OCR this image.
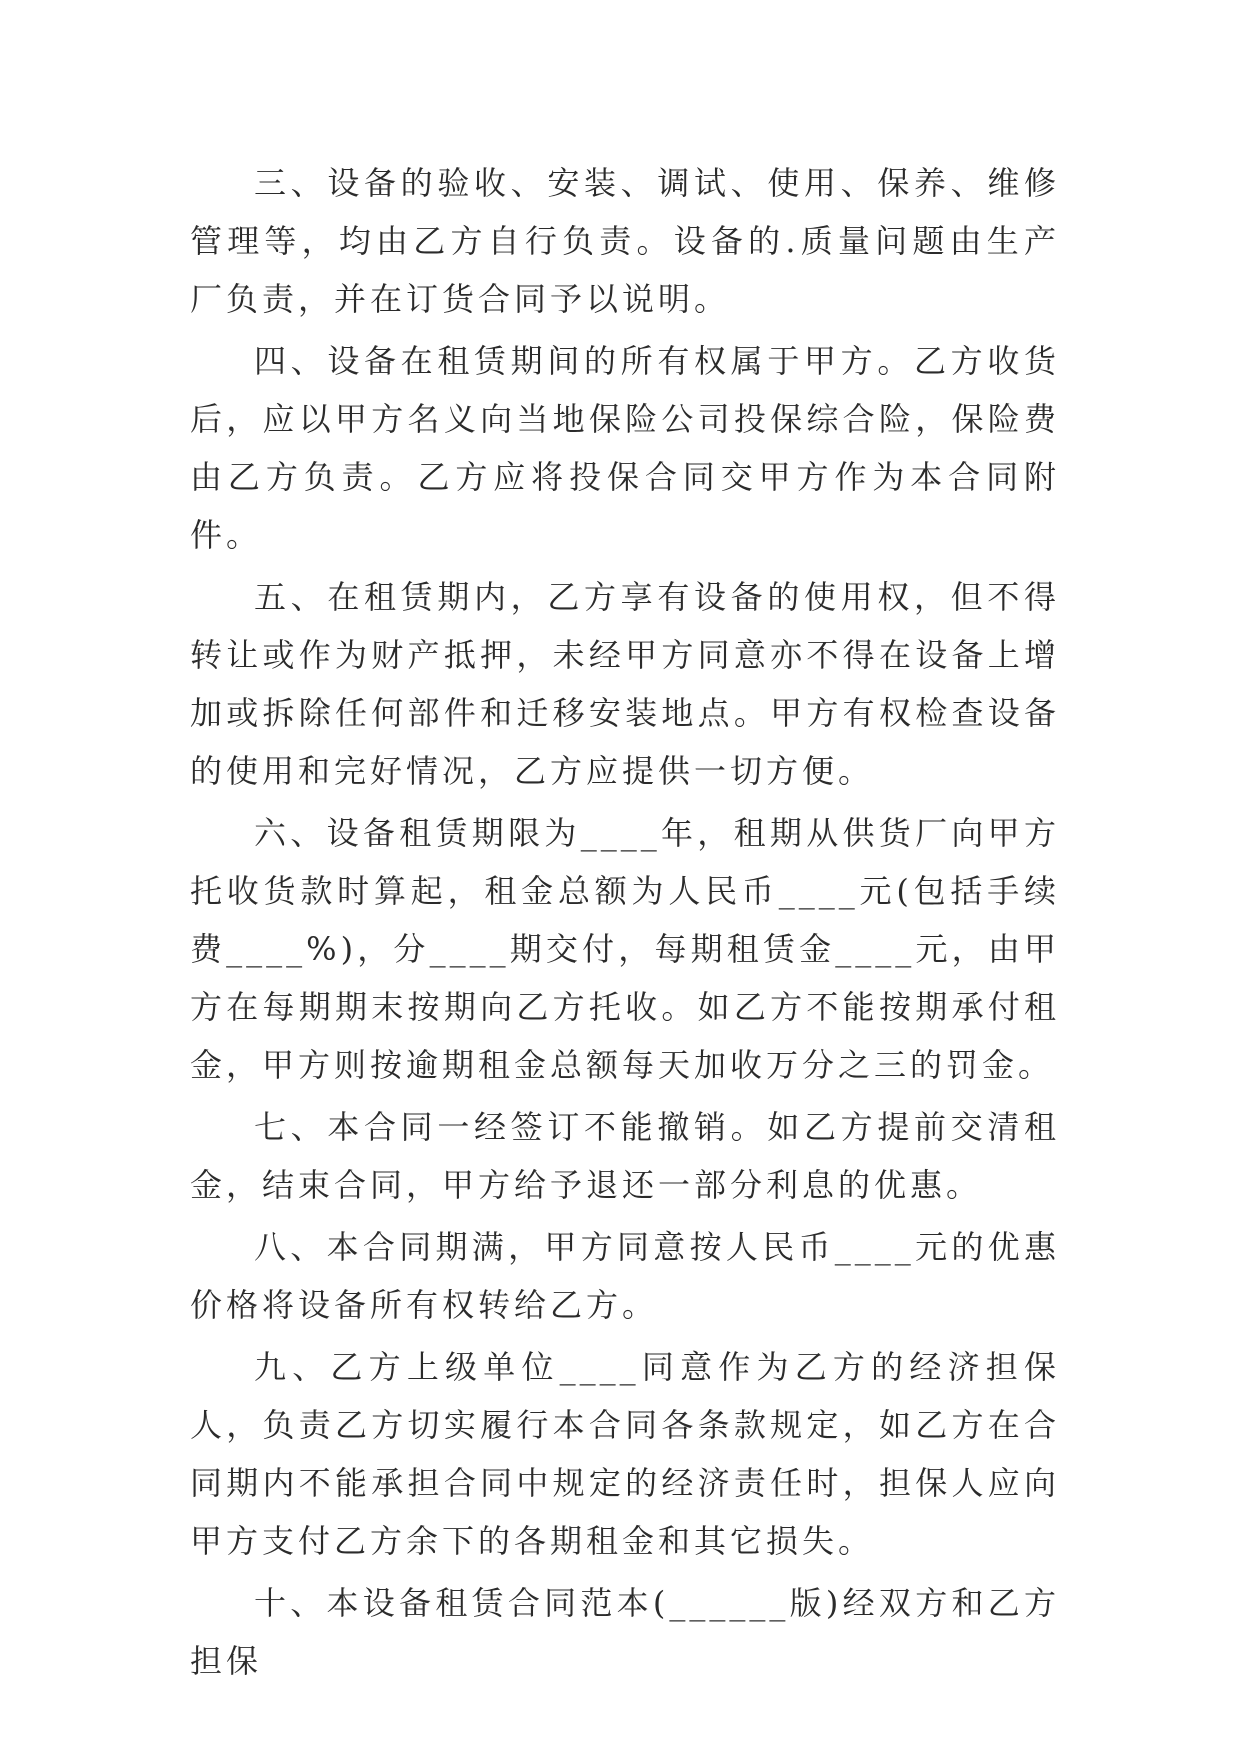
三、设备的验收、安装、调试、使用、保养、维修管理等，均由乙方自行负责。设备的.质量问题由生产厂负责，并在订货合同予以说明。

四、设备在租赁期间的所有权属于甲方。乙方收货后，应以甲方名义向当地保险公司投保综合险，保险费由乙方负责。乙方应将投保合同交甲方作为本合同附件。

五、在租赁期内，乙方享有设备的使用权，但不得转让或作为财产抵押，未经甲方同意亦不得在设备上增加或拆除任何部件和迁移安装地点。甲方有权检查设备的使用和完好情况，乙方应提供一切方便。

六、设备租赁期限为____年，租期从供货厂向甲方托收货款时算起，租金总额为人民币____元(包括手续费____%)，分____期交付，每期租赁金____元，由甲方在每期期末按期向乙方托收。如乙方不能按期承付租金，甲方则按逾期租金总额每天加收万分之三的罚金。

七、本合同一经签订不能撤销。如乙方提前交清租金，结束合同，甲方给予退还一部分利息的优惠。

八、本合同期满，甲方同意按人民币____元的优惠价格将设备所有权转给乙方。

九、乙方上级单位____同意作为乙方的经济担保人，负责乙方切实履行本合同各条款规定，如乙方在合同期内不能承担合同中规定的经济责任时，担保人应向甲方支付乙方余下的各期租金和其它损失。

十、本设备租赁合同范本(______版)经双方和乙方担保
